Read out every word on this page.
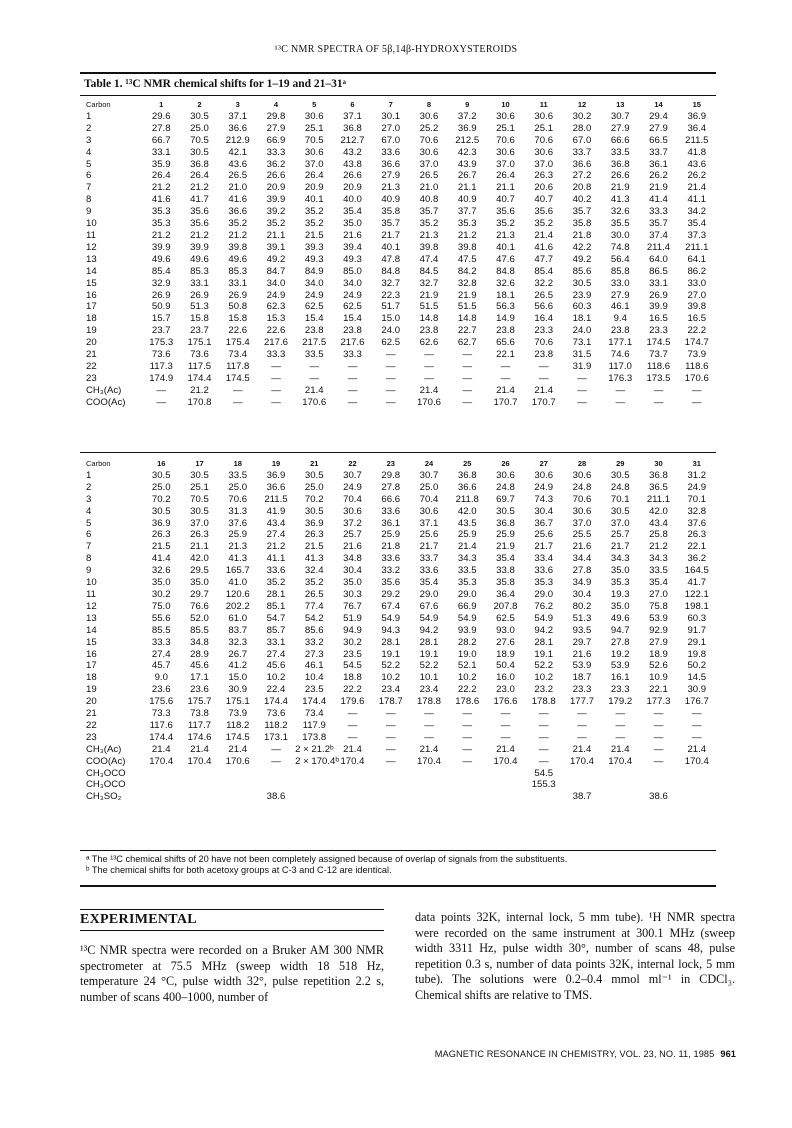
¹³C NMR SPECTRA OF 5β,14β-HYDROXYSTEROIDS
Table 1. ¹³C NMR chemical shifts for 1–19 and 21–31ᵃ
Carbon	1	2	3	4	5	6	7	8	9	10	11	12	13	14	15
1	29.6	30.5	37.1	29.8	30.6	37.1	30.1	30.6	37.2	30.6	30.6	30.2	30.7	29.4	36.9
2	27.8	25.0	36.6	27.9	25.1	36.8	27.0	25.2	36.9	25.1	25.1	28.0	27.9	27.9	36.4
3	66.7	70.5	212.9	66.9	70.5	212.7	67.0	70.6	212.5	70.6	70.6	67.0	66.6	66.5	211.5
4	33.1	30.5	42.1	33.3	30.6	43.2	33.6	30.6	42.3	30.6	30.6	33.7	33.5	33.7	41.8
5	35.9	36.8	43.6	36.2	37.0	43.8	36.6	37.0	43.9	37.0	37.0	36.6	36.8	36.1	43.6
6	26.4	26.4	26.5	26.6	26.4	26.6	27.9	26.5	26.7	26.4	26.3	27.2	26.6	26.2	26.2
7	21.2	21.2	21.0	20.9	20.9	20.9	21.3	21.0	21.1	21.1	20.6	20.8	21.9	21.9	21.4
8	41.6	41.7	41.6	39.9	40.1	40.0	40.9	40.8	40.9	40.7	40.7	40.2	41.3	41.4	41.1
9	35.3	35.6	36.6	39.2	35.2	35.4	35.8	35.7	37.7	35.6	35.6	35.7	32.6	33.3	34.2
10	35.3	35.6	35.2	35.2	35.2	35.0	35.7	35.2	35.3	35.2	35.2	35.8	35.5	35.7	35.4
11	21.2	21.2	21.2	21.1	21.5	21.6	21.7	21.3	21.2	21.3	21.4	21.8	30.0	37.4	37.3
12	39.9	39.9	39.8	39.1	39.3	39.4	40.1	39.8	39.8	40.1	41.6	42.2	74.8	211.4	211.1
13	49.6	49.6	49.6	49.2	49.3	49.3	47.8	47.4	47.5	47.6	47.7	49.2	56.4	64.0	64.1
14	85.4	85.3	85.3	84.7	84.9	85.0	84.8	84.5	84.2	84.8	85.4	85.6	85.8	86.5	86.2
15	32.9	33.1	33.1	34.0	34.0	34.0	32.7	32.7	32.8	32.6	32.2	30.5	33.0	33.1	33.0
16	26.9	26.9	26.9	24.9	24.9	24.9	22.3	21.9	21.9	18.1	26.5	23.9	27.9	26.9	27.0
17	50.9	51.3	50.8	62.3	62.5	62.5	51.7	51.5	51.5	56.3	56.6	60.3	46.1	39.9	39.8
18	15.7	15.8	15.8	15.3	15.4	15.4	15.0	14.8	14.8	14.9	16.4	18.1	9.4	16.5	16.5
19	23.7	23.7	22.6	22.6	23.8	23.8	24.0	23.8	22.7	23.8	23.3	24.0	23.8	23.3	22.2
20	175.3	175.1	175.4	217.6	217.5	217.6	62.5	62.6	62.7	65.6	70.6	73.1	177.1	174.5	174.7
21	73.6	73.6	73.4	33.3	33.5	33.3	—	—	—	22.1	23.8	31.5	74.6	73.7	73.9
22	117.3	117.5	117.8	—	—	—	—	—	—	—	—	31.9	117.0	118.6	118.6
23	174.9	174.4	174.5	—	—	—	—	—	—	—	—	—	176.3	173.5	170.6
CH₃(Ac)	—	21.2	—	—	21.4	—	—	21.4	—	21.4	21.4	—	—	—	—
COO(Ac)	—	170.8	—	—	170.6	—	—	170.6	—	170.7	170.7	—	—	—	—
Carbon	16	17	18	19	21	22	23	24	25	26	27	28	29	30	31
1	30.5	30.5	33.5	36.9	30.5	30.7	29.8	30.7	36.8	30.6	30.6	30.6	30.5	36.8	31.2
2	25.0	25.1	25.0	36.6	25.0	24.9	27.8	25.0	36.6	24.8	24.9	24.8	24.8	36.5	24.9
3	70.2	70.5	70.6	211.5	70.2	70.4	66.6	70.4	211.8	69.7	74.3	70.6	70.1	211.1	70.1
4	30.5	30.5	31.3	41.9	30.5	30.6	33.6	30.6	42.0	30.5	30.4	30.6	30.5	42.0	32.8
5	36.9	37.0	37.6	43.4	36.9	37.2	36.1	37.1	43.5	36.8	36.7	37.0	37.0	43.4	37.6
6	26.3	26.3	25.9	27.4	26.3	25.7	25.9	25.6	25.9	25.9	25.6	25.5	25.7	25.8	26.3
7	21.5	21.1	21.3	21.2	21.5	21.6	21.8	21.7	21.4	21.9	21.7	21.6	21.7	21.2	22.1
8	41.4	42.0	41.3	41.1	41.3	34.8	33.6	33.7	34.3	35.4	33.4	34.4	34.3	34.3	36.2
9	32.6	29.5	165.7	33.6	32.4	30.4	33.2	33.6	33.5	33.8	33.6	27.8	35.0	33.5	164.5
10	35.0	35.0	41.0	35.2	35.2	35.0	35.6	35.4	35.3	35.8	35.3	34.9	35.3	35.4	41.7
11	30.2	29.7	120.6	28.1	26.5	30.3	29.2	29.0	29.0	36.4	29.0	30.4	19.3	27.0	122.1
12	75.0	76.6	202.2	85.1	77.4	76.7	67.4	67.6	66.9	207.8	76.2	80.2	35.0	75.8	198.1
13	55.6	52.0	61.0	54.7	54.2	51.9	54.9	54.9	54.9	62.5	54.9	51.3	49.6	53.9	60.3
14	85.5	85.5	83.7	85.7	85.6	94.9	94.3	94.2	93.9	93.0	94.2	93.5	94.7	92.9	91.7
15	33.3	34.8	32.3	33.1	33.2	30.2	28.1	28.1	28.2	27.6	28.1	29.7	27.8	27.9	29.1
16	27.4	28.9	26.7	27.4	27.3	23.5	19.1	19.1	19.0	18.9	19.1	21.6	19.2	18.9	19.8
17	45.7	45.6	41.2	45.6	46.1	54.5	52.2	52.2	52.1	50.4	52.2	53.9	53.9	52.6	50.2
18	9.0	17.1	15.0	10.2	10.4	18.8	10.2	10.1	10.2	16.0	10.2	18.7	16.1	10.9	14.5
19	23.6	23.6	30.9	22.4	23.5	22.2	23.4	23.4	22.2	23.0	23.2	23.3	23.3	22.1	30.9
20	175.6	175.7	175.1	174.4	174.4	179.6	178.7	178.8	178.6	176.6	178.8	177.7	179.2	177.3	176.7
21	73.3	73.8	73.9	73.6	73.4	—	—	—	—	—	—	—	—	—	—
22	117.6	117.7	118.2	118.2	117.9	—	—	—	—	—	—	—	—	—	—
23	174.4	174.6	174.5	173.1	173.8	—	—	—	—	—	—	—	—	—	—
CH₃(Ac)	21.4	21.4	21.4	—	2 × 21.2ᵇ	21.4	—	21.4	—	21.4	—	21.4	21.4	—	21.4
COO(Ac)	170.4	170.4	170.6	—	2 × 170.4ᵇ	170.4	—	170.4	—	170.4	—	170.4	170.4	—	170.4
CH₃OCO											54.5				
CH₃OCO											155.3				
CH₃SO₂				38.6								38.7		38.6	
ᵃ The ¹³C chemical shifts of 20 have not been completely assigned because of overlap of signals from the substituents.
ᵇ The chemical shifts for both acetoxy groups at C-3 and C-12 are identical.
EXPERIMENTAL

¹³C NMR spectra were recorded on a Bruker AM 300 NMR spectrometer at 75.5 MHz (sweep width 18 518 Hz, temperature 24 °C, pulse width 32°, pulse repetition 2.2 s, number of scans 400–1000, number of

data points 32K, internal lock, 5 mm tube). ¹H NMR spectra were recorded on the same instrument at 300.1 MHz (sweep width 3311 Hz, pulse width 30°, number of scans 48, pulse repetition 0.3 s, number of data points 32K, internal lock, 5 mm tube). The solutions were 0.2–0.4 mmol ml⁻¹ in CDCl₃. Chemical shifts are relative to TMS.

MAGNETIC RESONANCE IN CHEMISTRY, VOL. 23, NO. 11, 1985 961
